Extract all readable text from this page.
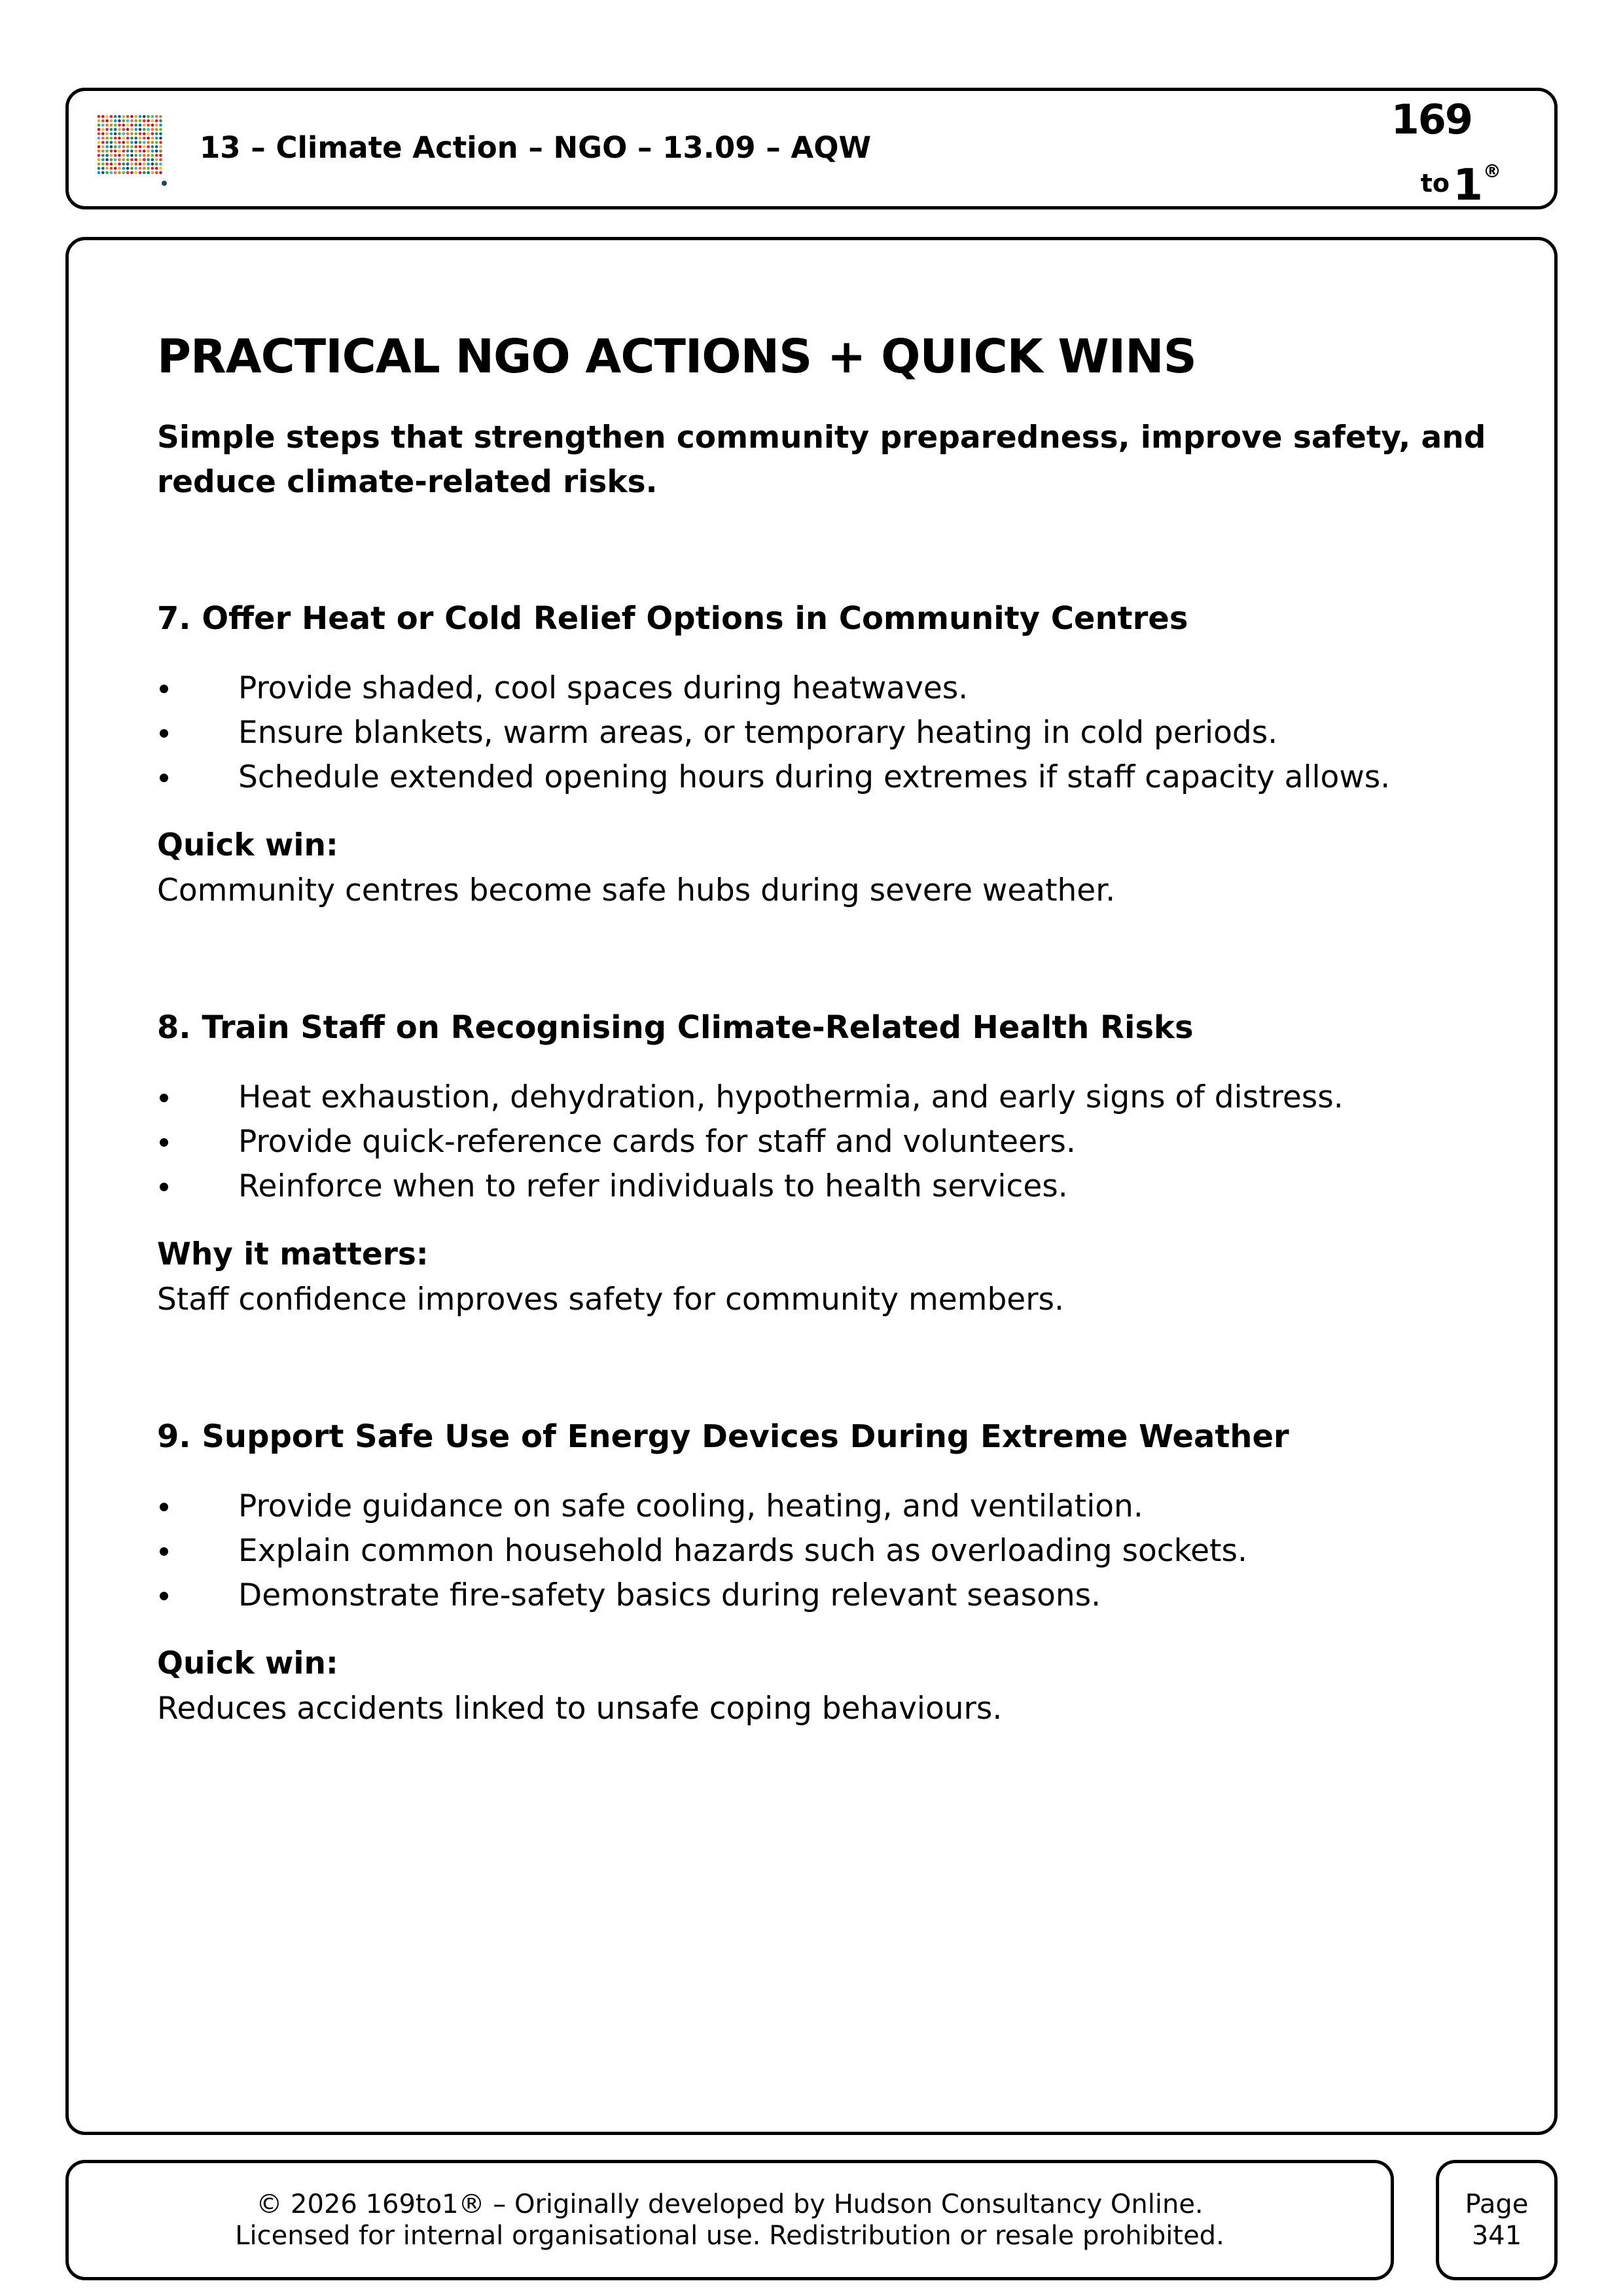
13 – Climate Action – NGO – 13.09 – AQW
169
to 1®
PRACTICAL NGO ACTIONS + QUICK WINS
Simple steps that strengthen community preparedness, improve safety, and reduce climate-related risks.
7. Offer Heat or Cold Relief Options in Community Centres
Provide shaded, cool spaces during heatwaves.
Ensure blankets, warm areas, or temporary heating in cold periods.
Schedule extended opening hours during extremes if staff capacity allows.
Quick win:
Community centres become safe hubs during severe weather.
8. Train Staff on Recognising Climate-Related Health Risks
Heat exhaustion, dehydration, hypothermia, and early signs of distress.
Provide quick-reference cards for staff and volunteers.
Reinforce when to refer individuals to health services.
Why it matters:
Staff confidence improves safety for community members.
9. Support Safe Use of Energy Devices During Extreme Weather
Provide guidance on safe cooling, heating, and ventilation.
Explain common household hazards such as overloading sockets.
Demonstrate fire-safety basics during relevant seasons.
Quick win:
Reduces accidents linked to unsafe coping behaviours.
© 2026 169to1® – Originally developed by Hudson Consultancy Online.
Licensed for internal organisational use. Redistribution or resale prohibited.
Page
341
